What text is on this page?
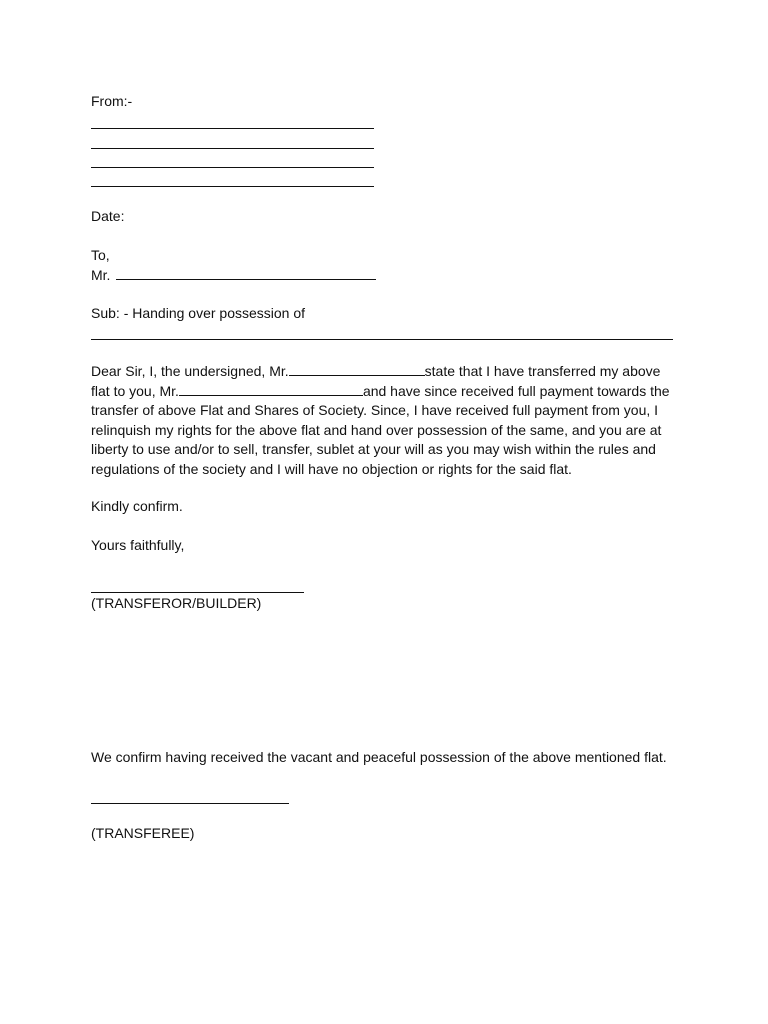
From:-
Date:
To,
Mr.
Sub: - Handing over possession of
Dear Sir, I, the undersigned, Mr.	state that I have transferred my above
flat to you, Mr.	and have since received full payment towards the
transfer of above Flat and Shares of Society. Since, I have received full payment from you, I
relinquish my rights for the above flat and hand over possession of the same, and you are at
liberty to use and/or to sell, transfer, sublet at your will as you may wish within the rules and
regulations of the society and I will have no objection or rights for the said flat.
Kindly confirm.
Yours faithfully,
(TRANSFEROR/BUILDER)
We confirm having received the vacant and peaceful possession of the above mentioned flat.
(TRANSFEREE)
